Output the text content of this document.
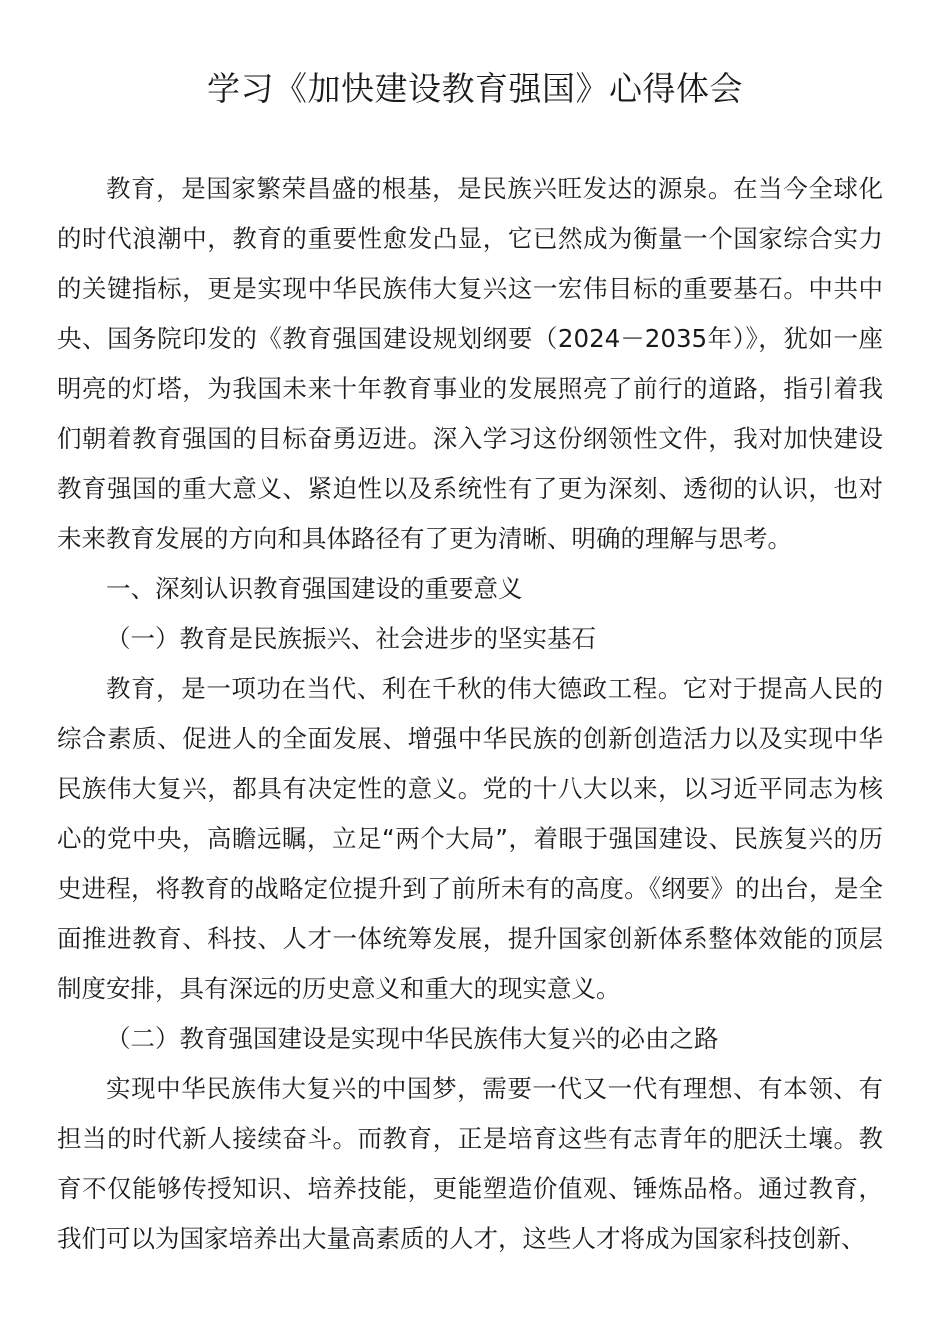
学习《加快建设教育强国》心得体会

教育，是国家繁荣昌盛的根基，是民族兴旺发达的源泉。在当今全球化的时代浪潮中，教育的重要性愈发凸显，它已然成为衡量一个国家综合实力的关键指标，更是实现中华民族伟大复兴这一宏伟目标的重要基石。中共中央、国务院印发的《教育强国建设规划纲要（2024－2035年）》，犹如一座明亮的灯塔，为我国未来十年教育事业的发展照亮了前行的道路，指引着我们朝着教育强国的目标奋勇迈进。深入学习这份纲领性文件，我对加快建设教育强国的重大意义、紧迫性以及系统性有了更为深刻、透彻的认识，也对未来教育发展的方向和具体路径有了更为清晰、明确的理解与思考。

一、深刻认识教育强国建设的重要意义

（一）教育是民族振兴、社会进步的坚实基石

教育，是一项功在当代、利在千秋的伟大德政工程。它对于提高人民的综合素质、促进人的全面发展、增强中华民族的创新创造活力以及实现中华民族伟大复兴，都具有决定性的意义。党的十八大以来，以习近平同志为核心的党中央，高瞻远瞩，立足“两个大局”，着眼于强国建设、民族复兴的历史进程，将教育的战略定位提升到了前所未有的高度。《纲要》的出台，是全面推进教育、科技、人才一体统筹发展，提升国家创新体系整体效能的顶层制度安排，具有深远的历史意义和重大的现实意义。

（二）教育强国建设是实现中华民族伟大复兴的必由之路

实现中华民族伟大复兴的中国梦，需要一代又一代有理想、有本领、有担当的时代新人接续奋斗。而教育，正是培育这些有志青年的肥沃土壤。教育不仅能够传授知识、培养技能，更能塑造价值观、锤炼品格。通过教育，我们可以为国家培养出大量高素质的人才，这些人才将成为国家科技创新、
